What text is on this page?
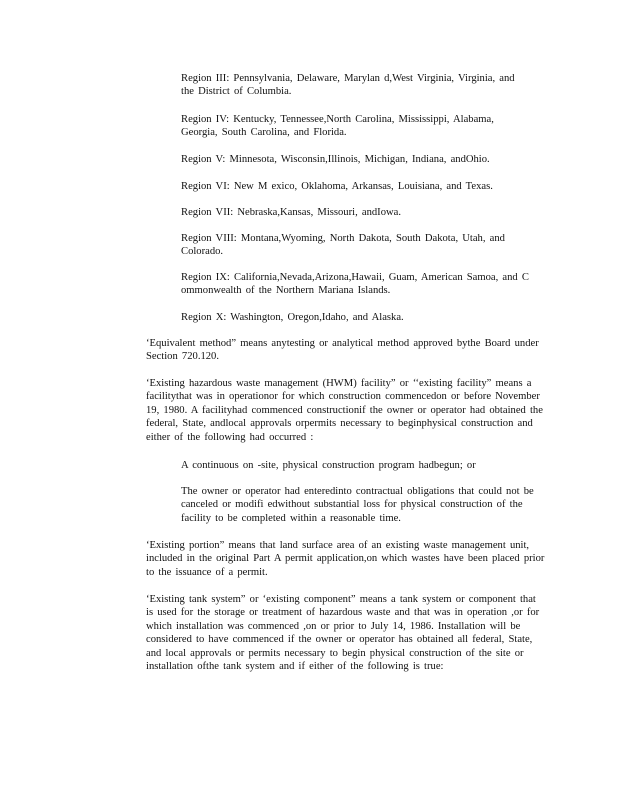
Region III: Pennsylvania, Delaware, Marylan d,West Virginia, Virginia, and the District of Columbia.

Region IV: Kentucky, Tennessee,North Carolina, Mississippi, Alabama, Georgia, South Carolina, and Florida.

Region V: Minnesota, Wisconsin,Illinois, Michigan, Indiana, andOhio.

Region VI: New M exico, Oklahoma, Arkansas, Louisiana, and Texas.

Region VII: Nebraska,Kansas, Missouri, andIowa.

Region VIII: Montana,Wyoming, North Dakota, South Dakota, Utah, and Colorado.

Region IX: California,Nevada,Arizona,Hawaii, Guam, American Samoa, and C ommonwealth of the Northern Mariana Islands.

Region X: Washington, Oregon,Idaho, and Alaska.

‘Equivalent method” means anytesting or analytical method approved bythe Board under Section 720.120.

‘Existing hazardous waste management (HWM) facility” or ‘‘existing facility” means a facilitythat was in operationor for which construction commencedon or before November 19, 1980. A facilityhad commenced constructionif the owner or operator had obtained the federal, State, andlocal approvals orpermits necessary to beginphysical construction and either of the following had occurred :

A continuous on -site, physical construction program hadbegun; or

The owner or operator had enteredinto contractual obligations that could not be canceled or modifi edwithout substantial loss for physical construction of the facility to be completed within a reasonable time.

‘Existing portion” means that land surface area of an existing waste management unit, included in the original Part A permit application,on which wastes have been placed prior to the issuance of a permit.

‘Existing tank system” or ‘existing component” means a tank system or component that is used for the storage or treatment of hazardous waste and that was in operation ,or for which installation was commenced ,on or prior to July 14, 1986. Installation will be considered to have commenced if the owner or operator has obtained all federal, State, and local approvals or permits necessary to begin physical construction of the site or installation ofthe tank system and if either of the following is true:
